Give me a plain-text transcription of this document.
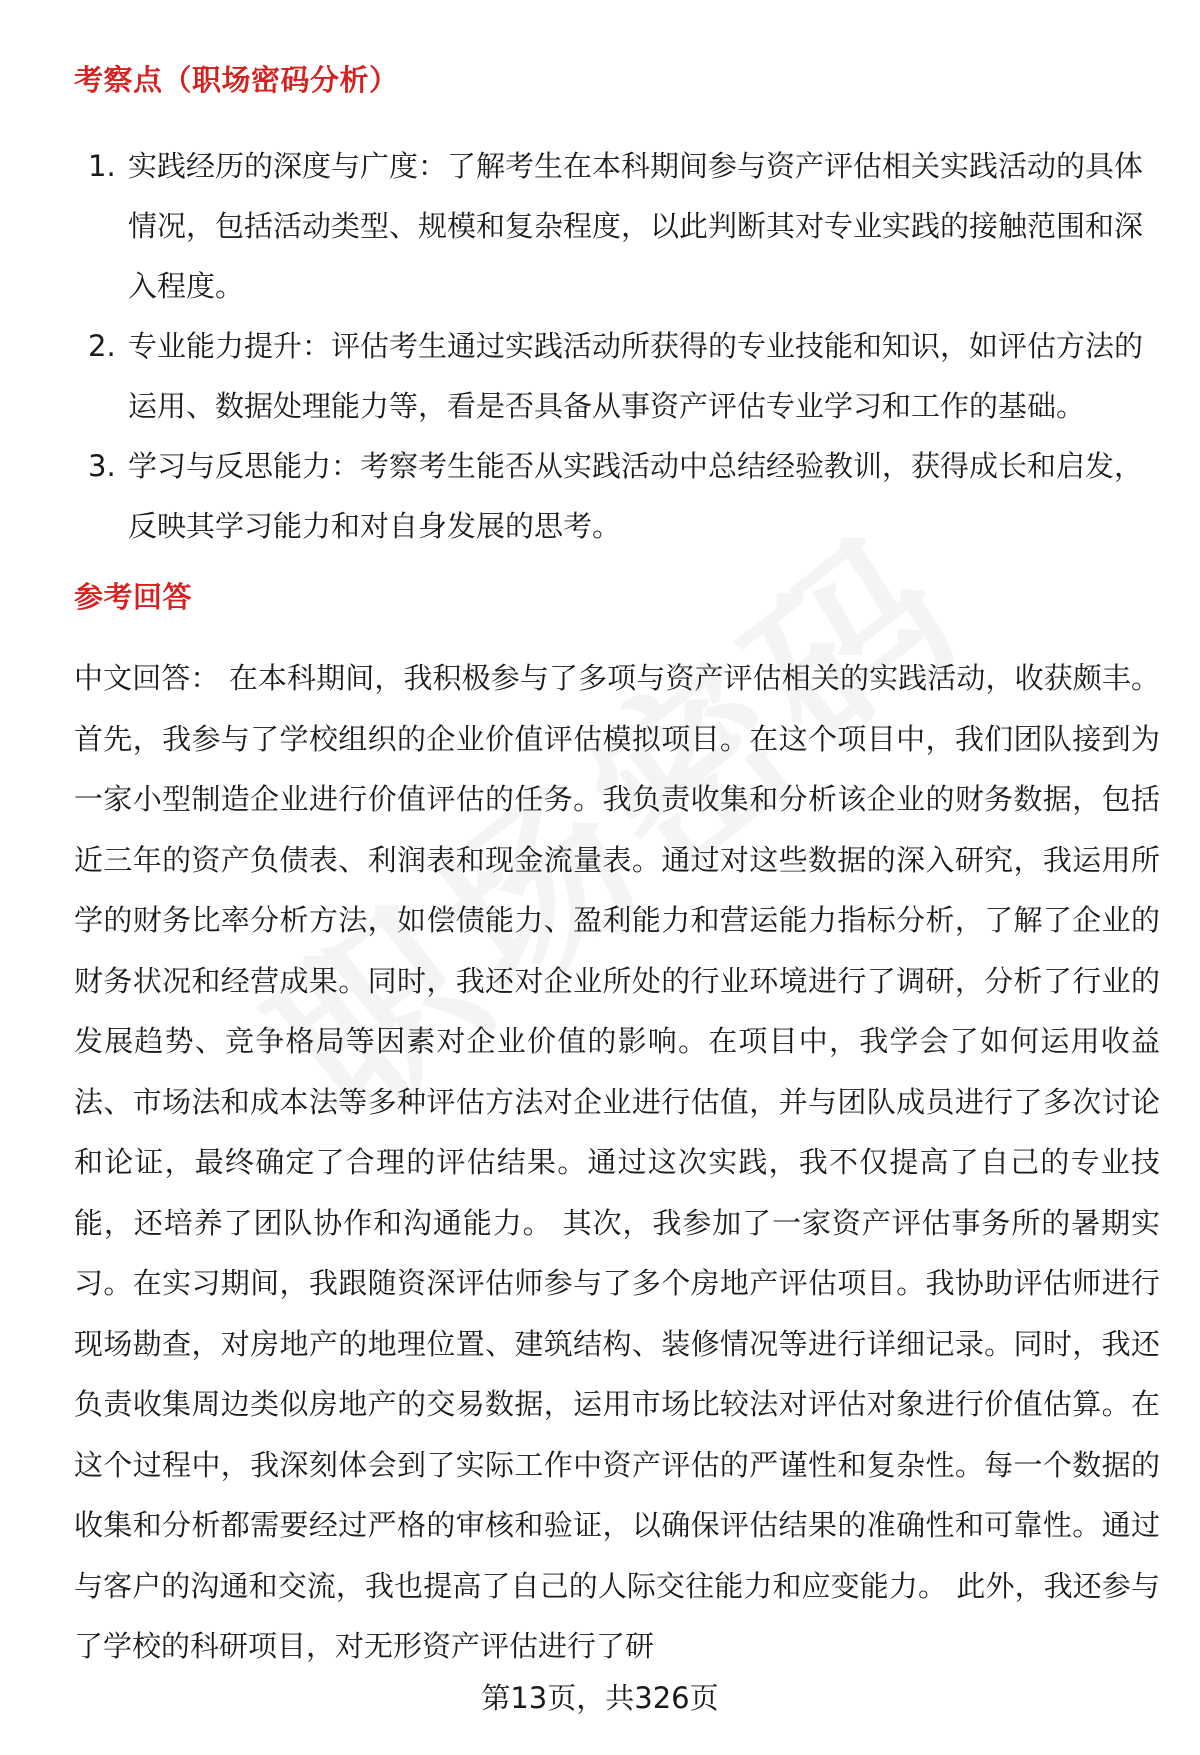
考察点（职场密码分析）
1. 实践经历的深度与广度：了解考生在本科期间参与资产评估相关实践活动的具体情况，包括活动类型、规模和复杂程度，以此判断其对专业实践的接触范围和深入程度。
2. 专业能力提升：评估考生通过实践活动所获得的专业技能和知识，如评估方法的运用、数据处理能力等，看是否具备从事资产评估专业学习和工作的基础。
3. 学习与反思能力：考察考生能否从实践活动中总结经验教训，获得成长和启发，反映其学习能力和对自身发展的思考。
参考回答

中文回答： 在本科期间，我积极参与了多项与资产评估相关的实践活动，收获颇丰。 首先，我参与了学校组织的企业价值评估模拟项目。在这个项目中，我们团队接到为一家小型制造企业进行价值评估的任务。我负责收集和分析该企业的财务数据，包括近三年的资产负债表、利润表和现金流量表。通过对这些数据的深入研究，我运用所学的财务比率分析方法，如偿债能力、盈利能力和营运能力指标分析，了解了企业的财务状况和经营成果。同时，我还对企业所处的行业环境进行了调研，分析了行业的发展趋势、竞争格局等因素对企业价值的影响。在项目中，我学会了如何运用收益法、市场法和成本法等多种评估方法对企业进行估值，并与团队成员进行了多次讨论和论证，最终确定了合理的评估结果。通过这次实践，我不仅提高了自己的专业技能，还培养了团队协作和沟通能力。 其次，我参加了一家资产评估事务所的暑期实习。在实习期间，我跟随资深评估师参与了多个房地产评估项目。我协助评估师进行现场勘查，对房地产的地理位置、建筑结构、装修情况等进行详细记录。同时，我还负责收集周边类似房地产的交易数据，运用市场比较法对评估对象进行价值估算。在这个过程中，我深刻体会到了实际工作中资产评估的严谨性和复杂性。每一个数据的收集和分析都需要经过严格的审核和验证，以确保评估结果的准确性和可靠性。通过与客户的沟通和交流，我也提高了自己的人际交往能力和应变能力。 此外，我还参与了学校的科研项目，对无形资产评估进行了研

第13页，共326页
